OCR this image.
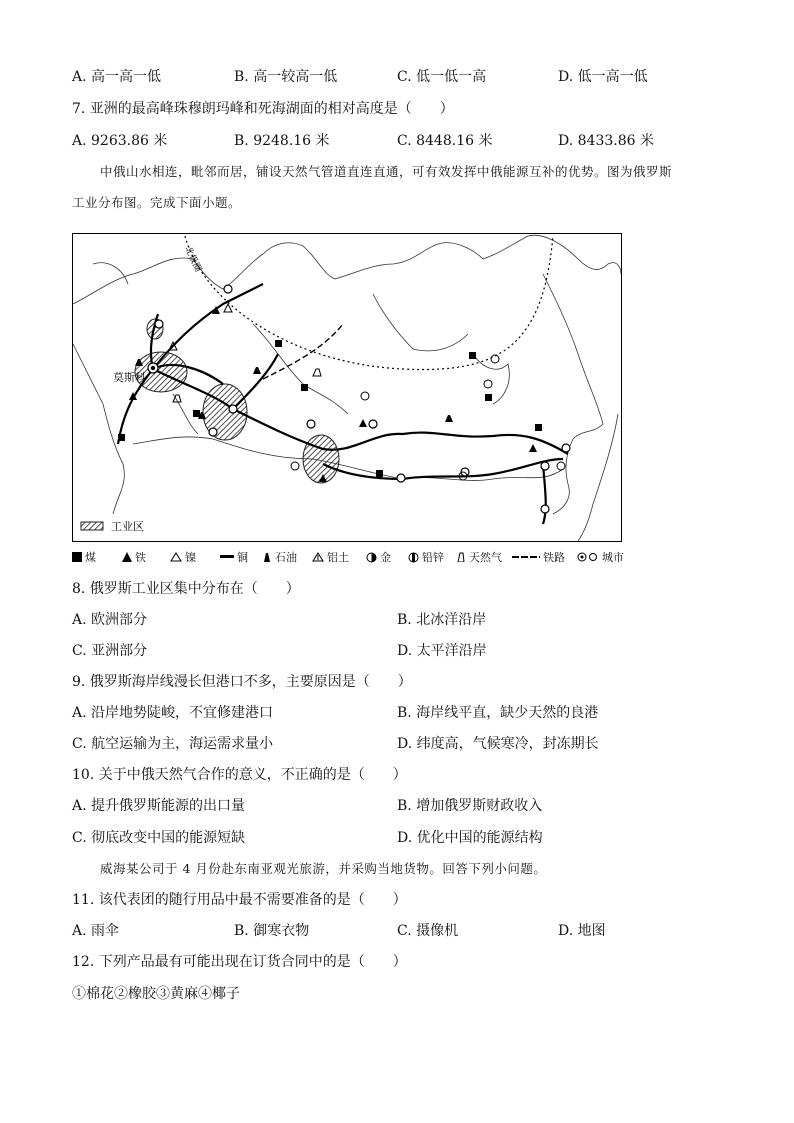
A. 高一高一低	B. 高一较高一低	C. 低一低一高	D. 低一高一低
7. 亚洲的最高峰珠穆朗玛峰和死海湖面的相对高度是（　　）
A. 9263.86 米	B. 9248.16 米	C. 8448.16 米	D. 8433.86 米
中俄山水相连，毗邻而居，铺设天然气管道直连直通，可有效发挥中俄能源互补的优势。图为俄罗斯
工业分布图。完成下面小题。
北极圈
莫斯科
工业区
煤	铁	镍	铜 石油	铝土	金	铅锌 天然气	铁路	城市
8. 俄罗斯工业区集中分布在（　　）
A. 欧洲部分	B. 北冰洋沿岸
C. 亚洲部分	D. 太平洋沿岸
9. 俄罗斯海岸线漫长但港口不多，主要原因是（　　）
A. 沿岸地势陡峻，不宜修建港口	B. 海岸线平直，缺少天然的良港
C. 航空运输为主，海运需求量小	D. 纬度高，气候寒冷，封冻期长
10. 关于中俄天然气合作的意义，不正确的是（　　）
A. 提升俄罗斯能源的出口量	B. 增加俄罗斯财政收入
C. 彻底改变中国的能源短缺	D. 优化中国的能源结构
威海某公司于 4 月份赴东南亚观光旅游，并采购当地货物。回答下列小问题。
11. 该代表团的随行用品中最不需要准备的是（　　）
A. 雨伞	B. 御寒衣物	C. 摄像机	D. 地图
12. 下列产品最有可能出现在订货合同中的是（　　）
①棉花②橡胶③黄麻④椰子
